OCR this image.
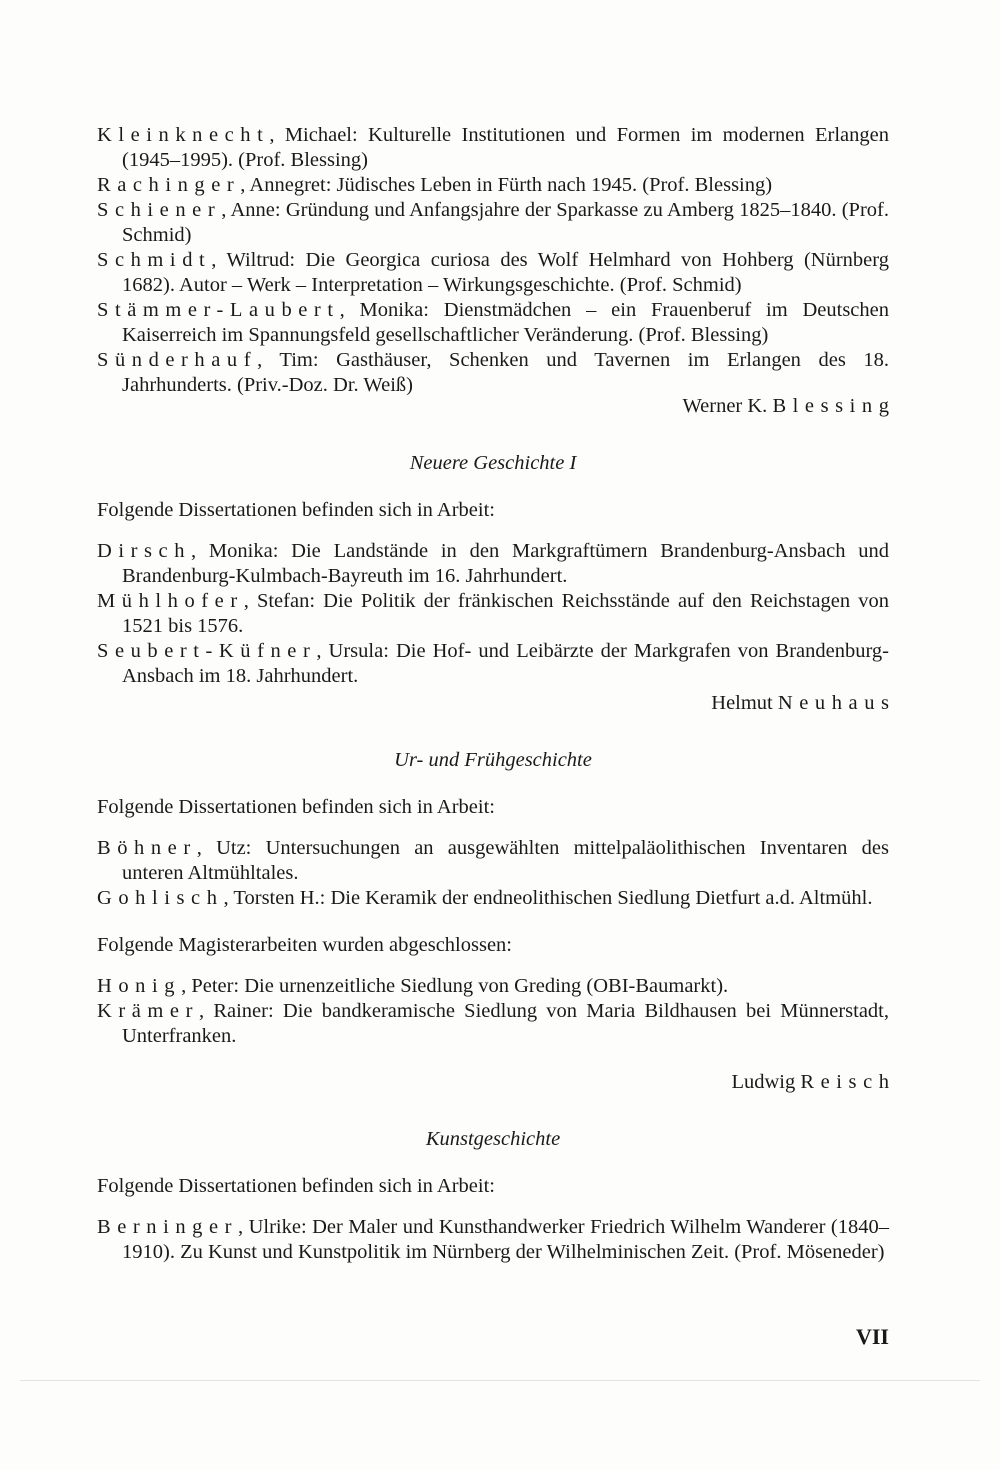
Kleinknecht, Michael: Kulturelle Institutionen und Formen im modernen Erlangen (1945–1995). (Prof. Blessing)

Rachinger, Annegret: Jüdisches Leben in Fürth nach 1945. (Prof. Blessing)

Schiener, Anne: Gründung und Anfangsjahre der Sparkasse zu Amberg 1825–1840. (Prof. Schmid)

Schmidt, Wiltrud: Die Georgica curiosa des Wolf Helmhard von Hohberg (Nürnberg 1682). Autor – Werk – Interpretation – Wirkungsgeschichte. (Prof. Schmid)

Stämmer-Laubert, Monika: Dienstmädchen – ein Frauenberuf im Deutschen Kaiserreich im Spannungsfeld gesellschaftlicher Veränderung. (Prof. Blessing)

Sünderhauf, Tim: Gasthäuser, Schenken und Tavernen im Erlangen des 18. Jahrhunderts. (Priv.-Doz. Dr. Weiß)

Werner K. Blessing

Neuere Geschichte I

Folgende Dissertationen befinden sich in Arbeit:

Dirsch, Monika: Die Landstände in den Markgraftümern Brandenburg-Ansbach und Brandenburg-Kulmbach-Bayreuth im 16. Jahrhundert.

Mühlhofer, Stefan: Die Politik der fränkischen Reichsstände auf den Reichstagen von 1521 bis 1576.

Seubert-Küfner, Ursula: Die Hof- und Leibärzte der Markgrafen von Brandenburg-Ansbach im 18. Jahrhundert.

Helmut Neuhaus

Ur- und Frühgeschichte

Folgende Dissertationen befinden sich in Arbeit:

Böhner, Utz: Untersuchungen an ausgewählten mittelpaläolithischen Inventaren des unteren Altmühltales.

Gohlisch, Torsten H.: Die Keramik der endneolithischen Siedlung Dietfurt a.d. Altmühl.

Folgende Magisterarbeiten wurden abgeschlossen:

Honig, Peter: Die urnenzeitliche Siedlung von Greding (OBI-Baumarkt).

Krämer, Rainer: Die bandkeramische Siedlung von Maria Bildhausen bei Münnerstadt, Unterfranken.

Ludwig Reisch

Kunstgeschichte

Folgende Dissertationen befinden sich in Arbeit:

Berninger, Ulrike: Der Maler und Kunsthandwerker Friedrich Wilhelm Wanderer (1840–1910). Zu Kunst und Kunstpolitik im Nürnberg der Wilhelminischen Zeit. (Prof. Möseneder)

VII
